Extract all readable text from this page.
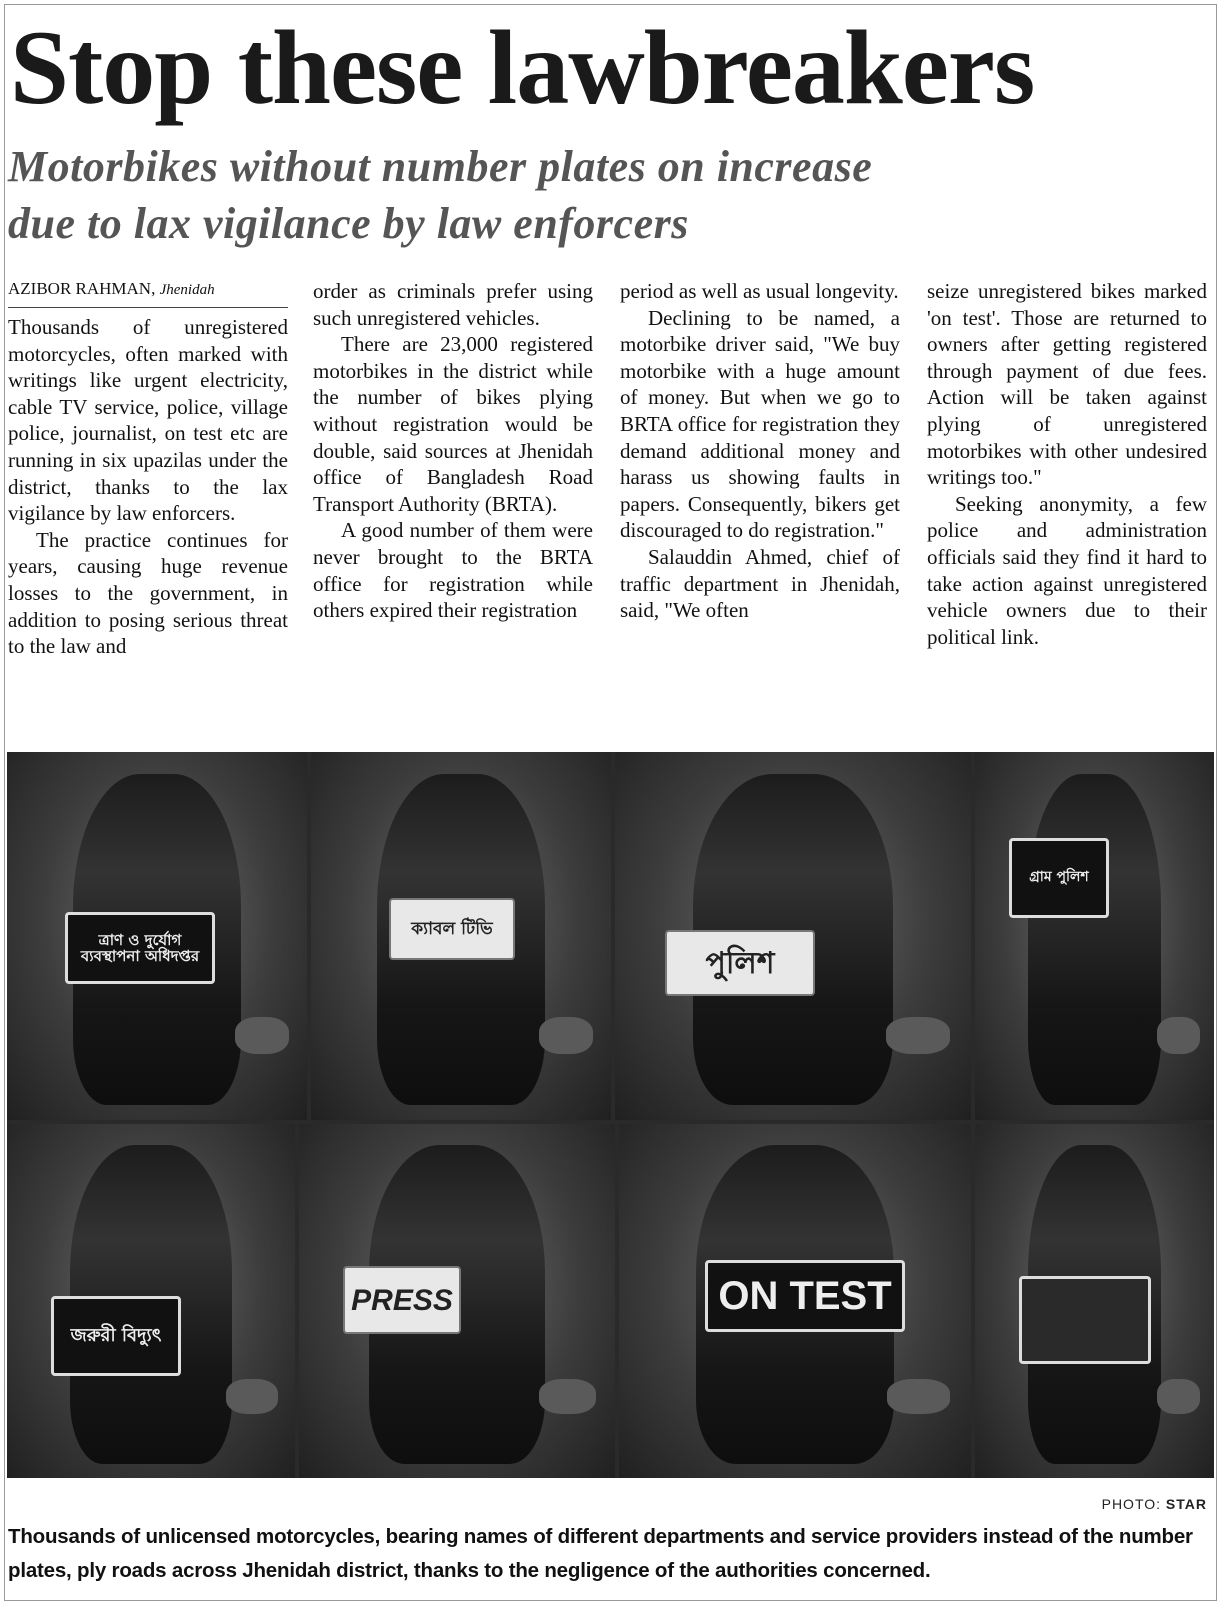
Stop these lawbreakers
Motorbikes without number plates on increase
due to lax vigilance by law enforcers
AZIBOR RAHMAN, Jhenidah

Thousands of unregistered motorcycles, often marked with writings like urgent electricity, cable TV service, police, village police, journalist, on test etc are running in six upazilas under the district, thanks to the lax vigilance by law enforcers.

The practice continues for years, causing huge revenue losses to the government, in addition to posing serious threat to the law and

order as criminals prefer using such unregistered vehicles.

There are 23,000 registered motorbikes in the district while the number of bikes plying without registration would be double, said sources at Jhenidah office of Bangladesh Road Transport Authority (BRTA).

A good number of them were never brought to the BRTA office for registration while others expired their registration

period as well as usual longevity.

Declining to be named, a motorbike driver said, "We buy motorbike with a huge amount of money. But when we go to BRTA office for registration they demand additional money and harass us showing faults in papers. Consequently, bikers get discouraged to do registration."

Salauddin Ahmed, chief of traffic department in Jhenidah, said, "We often

seize unregistered bikes marked 'on test'. Those are returned to owners after getting registered through payment of due fees. Action will be taken against plying of unregistered motorbikes with other undesired writings too."

Seeking anonymity, a few police and administration officials said they find it hard to take action against unregistered vehicle owners due to their political link.

ত্রাণ ও দুর্যোগ ব্যবস্থাপনা অধিদপ্তর
ক্যাবল টিভি
পুলিশ
গ্রাম পুলিশ
জরুরী বিদ্যুৎ
PRESS	ON TEST
PHOTO: STAR
Thousands of unlicensed motorcycles, bearing names of different departments and service providers instead of the number plates, ply roads across Jhenidah district, thanks to the negligence of the authorities concerned.
